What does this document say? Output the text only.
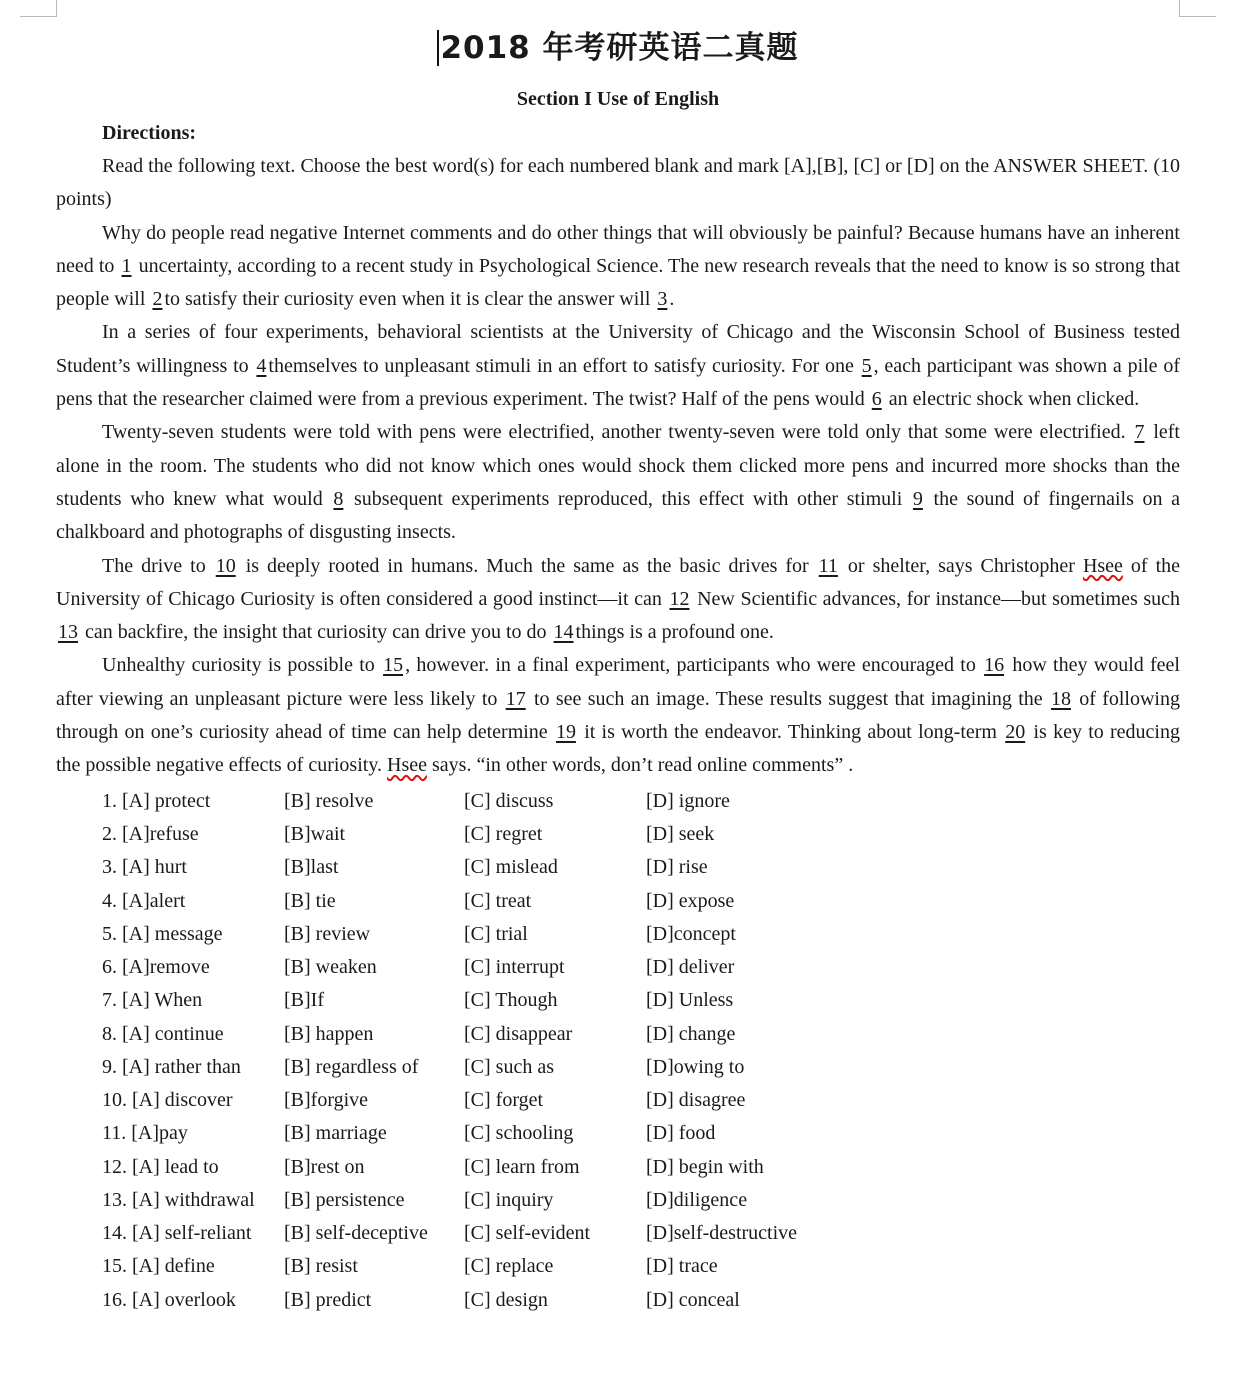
2018 年考研英语二真题
Section I Use of English
Directions:

Read the following text. Choose the best word(s) for each numbered blank and mark [A],[B], [C] or [D] on the ANSWER SHEET. (10 points)

Why do people read negative Internet comments and do other things that will obviously be painful? Because humans have an inherent need to 1 uncertainty, according to a recent study in Psychological Science. The new research reveals that the need to know is so strong that people will 2 to satisfy their curiosity even when it is clear the answer will 3 .

In a series of four experiments, behavioral scientists at the University of Chicago and the Wisconsin School of Business tested Student’s willingness to 4 themselves to unpleasant stimuli in an effort to satisfy curiosity. For one 5 , each participant was shown a pile of pens that the researcher claimed were from a previous experiment. The twist? Half of the pens would 6 an electric shock when clicked.

Twenty-seven students were told with pens were electrified, another twenty-seven were told only that some were electrified. 7 left alone in the room. The students who did not know which ones would shock them clicked more pens and incurred more shocks than the students who knew what would 8 subsequent experiments reproduced, this effect with other stimuli 9 the sound of fingernails on a chalkboard and photographs of disgusting insects.

The drive to 10 is deeply rooted in humans. Much the same as the basic drives for 11 or shelter, says Christopher Hsee of the University of Chicago Curiosity is often considered a good instinct—it can 12 New Scientific advances, for instance—but sometimes such 13 can backfire, the insight that curiosity can drive you to do 14 things is a profound one.

Unhealthy curiosity is possible to 15 , however. in a final experiment, participants who were encouraged to 16 how they would feel after viewing an unpleasant picture were less likely to 17 to see such an image. These results suggest that imagining the 18 of following through on one’s curiosity ahead of time can help determine 19 it is worth the endeavor. Thinking about long-term 20 is key to reducing the possible negative effects of curiosity. Hsee says. “in other words, don’t read online comments” .

1. [A] protect	[B] resolve	[C] discuss	[D] ignore
2. [A]refuse	[B]wait	[C] regret	[D] seek
3. [A] hurt	[B]last	[C] mislead	[D] rise
4. [A]alert	[B] tie	[C] treat	[D] expose
5. [A] message	[B] review	[C] trial	[D]concept
6. [A]remove	[B] weaken	[C] interrupt	[D] deliver
7. [A] When	[B]If	[C] Though	[D] Unless
8. [A] continue	[B] happen	[C] disappear	[D] change
9. [A] rather than	[B] regardless of	[C] such as	[D]owing to
10. [A] discover	[B]forgive	[C] forget	[D] disagree
11. [A]pay	[B] marriage	[C] schooling	[D] food
12. [A] lead to	[B]rest on	[C] learn from	[D] begin with
13. [A] withdrawal	[B] persistence	[C] inquiry	[D]diligence
14. [A] self-reliant	[B] self-deceptive	[C] self-evident	[D]self-destructive
15. [A] define	[B] resist	[C] replace	[D] trace
16. [A] overlook	[B] predict	[C] design	[D] conceal
